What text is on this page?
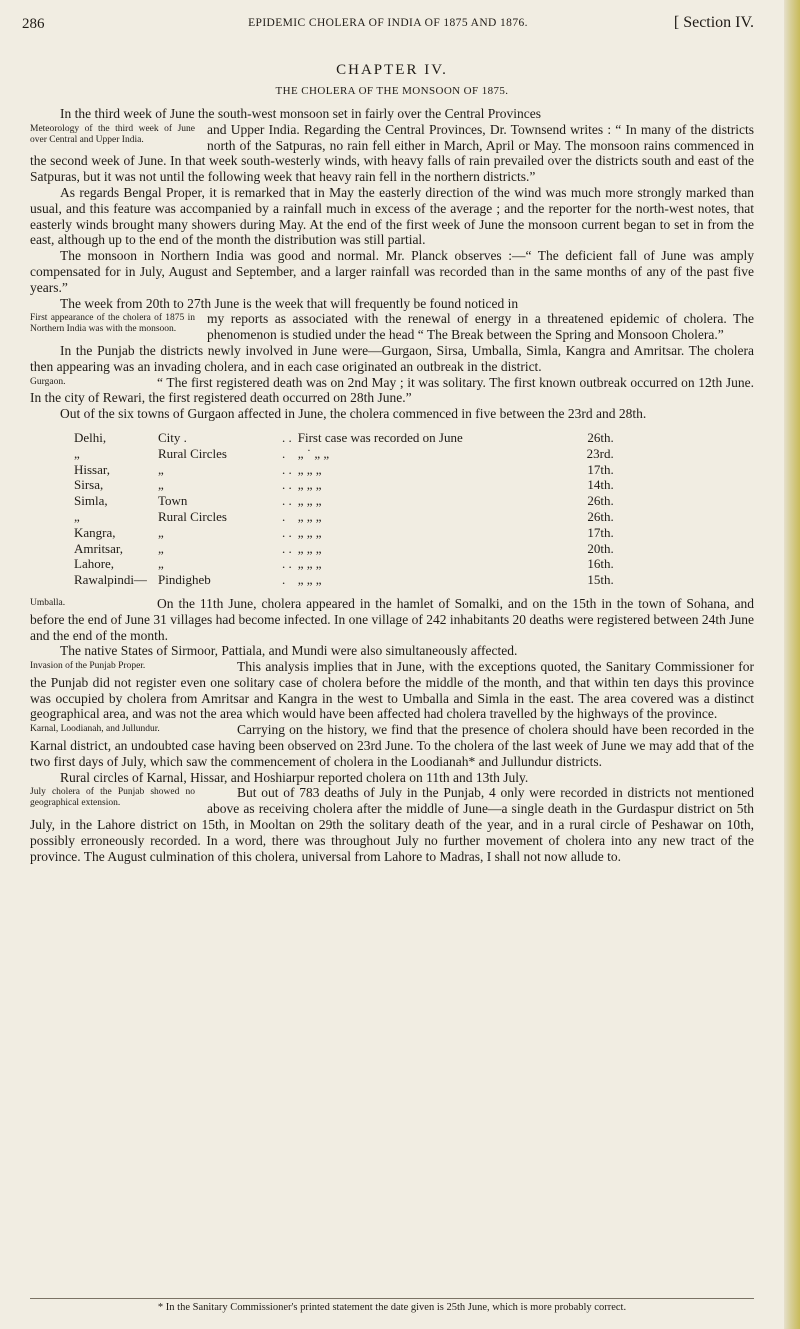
286	EPIDEMIC CHOLERA OF INDIA OF 1875 AND 1876.	[ Section IV.
CHAPTER IV.
THE CHOLERA OF THE MONSOON OF 1875.

In the third week of June the south-west monsoon set in fairly over the Central Provinces

Meteorology of the third week of June over Central and Upper India.
and Upper India. Regarding the Central Provinces, Dr. Townsend writes : “ In many of the districts north of the Satpuras, no rain fell either in March, April or May. The monsoon rains commenced in the second week of June. In that week south-westerly winds, with heavy falls of rain prevailed over the districts south and east of the Satpuras, but it was not until the following week that heavy rain fell in the northern districts.”

As regards Bengal Proper, it is remarked that in May the easterly direction of the wind was much more strongly marked than usual, and this feature was accompanied by a rainfall much in excess of the average ; and the reporter for the north-west notes, that easterly winds brought many showers during May. At the end of the first week of June the monsoon current began to set in from the east, although up to the end of the month the distribution was still partial.

The monsoon in Northern India was good and normal. Mr. Planck observes :—“ The deficient fall of June was amply compensated for in July, August and September, and a larger rainfall was recorded than in the same months of any of the past five years.”

The week from 20th to 27th June is the week that will frequently be found noticed in

First appearance of the cholera of 1875 in Northern India was with the monsoon.
my reports as associated with the renewal of energy in a threatened epidemic of cholera. The phenomenon is studied under the head “ The Break between the Spring and Monsoon Cholera.”

In the Punjab the districts newly involved in June were—Gurgaon, Sirsa, Umballa, Simla, Kangra and Amritsar. The cholera then appearing was an invading cholera, and in each case originated an outbreak in the district.

Gurgaon.	“ The first registered death was on 2nd May ; it was solitary. The first known outbreak occurred on 12th June. In the city of Rewari, the first registered death occurred on 28th June.”

Out of the six towns of Gurgaon affected in June, the cholera commenced in five between the 23rd and 28th.

Delhi,	City .	. .	First case was recorded on June	26th.
„	Rural Circles	.	„ ˙ „ „	23rd.
Hissar,	„	. .	„ „ „	17th.
Sirsa,	„	. .	„ „ „	14th.
Simla,	Town	. .	„ „ „	26th.
„	Rural Circles	.	„ „ „	26th.
Kangra,	„	. .	„ „ „	17th.
Amritsar,	„	. .	„ „ „	20th.
Lahore,	„	. .	„ „ „	16th.
Rawalpindi—	Pindigheb	.	„ „ „	15th.

Umballa.	On the 11th June, cholera appeared in the hamlet of Somalki, and on the 15th in the town of Sohana, and before the end of June 31 villages had become infected. In one village of 242 inhabitants 20 deaths were registered between 24th June and the end of the month.

The native States of Sirmoor, Pattiala, and Mundi were also simultaneously affected.

Invasion of the Punjab Proper.	This analysis implies that in June, with the exceptions quoted, the Sanitary Commissioner for the Punjab did not register even one solitary case of cholera before the middle of the month, and that within ten days this province was occupied by cholera from Amritsar and Kangra in the west to Umballa and Simla in the east. The area covered was a distinct geographical area, and was not the area which would have been affected had cholera travelled by the highways of the province.

Karnal, Loodianah, and Jullundur.	Carrying on the history, we find that the presence of cholera should have been recorded in the Karnal district, an undoubted case having been observed on 23rd June. To the cholera of the last week of June we may add that of the two first days of July, which saw the commencement of cholera in the Loodianah* and Jullundur districts.

Rural circles of Karnal, Hissar, and Hoshiarpur reported cholera on 11th and 13th July.

July cholera of the Punjab showed no geographical extension.
But out of 783 deaths of July in the Punjab, 4 only were recorded in districts not mentioned above as receiving cholera after the middle of June—a single death in the Gurdaspur district on 5th July, in the Lahore district on 15th, in Mooltan on 29th the solitary death of the year, and in a rural circle of Peshawar on 10th, possibly erroneously recorded. In a word, there was throughout July no further movement of cholera into any new tract of the province. The August culmination of this cholera, universal from Lahore to Madras, I shall not now allude to.

* In the Sanitary Commissioner's printed statement the date given is 25th June, which is more probably correct.
